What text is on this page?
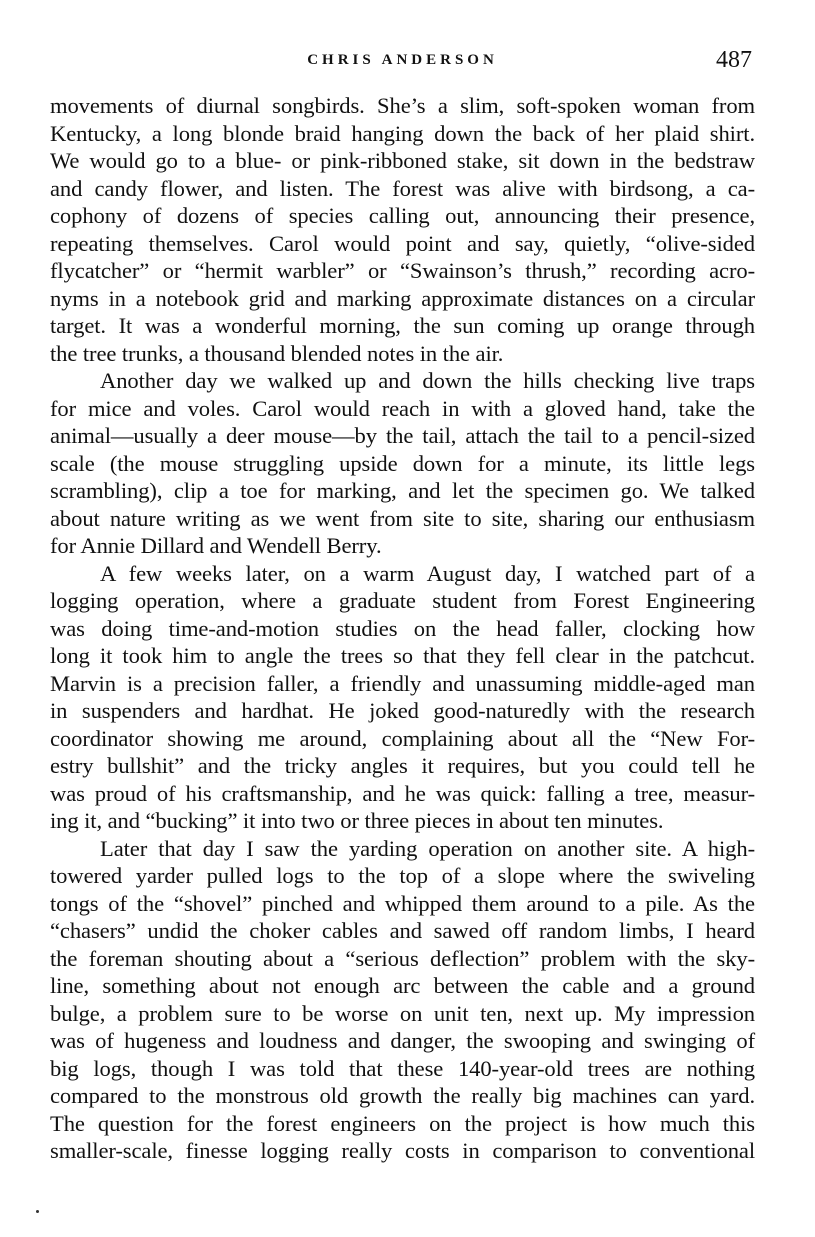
CHRIS ANDERSON	487
movements of diurnal songbirds. She’s a slim, soft-spoken woman from
Kentucky, a long blonde braid hanging down the back of her plaid shirt.
We would go to a blue- or pink-ribboned stake, sit down in the bedstraw
and candy flower, and listen. The forest was alive with birdsong, a ca-
cophony of dozens of species calling out, announcing their presence,
repeating themselves. Carol would point and say, quietly, “olive-sided
flycatcher” or “hermit warbler” or “Swainson’s thrush,” recording acro-
nyms in a notebook grid and marking approximate distances on a circular
target. It was a wonderful morning, the sun coming up orange through
the tree trunks, a thousand blended notes in the air.
Another day we walked up and down the hills checking live traps
for mice and voles. Carol would reach in with a gloved hand, take the
animal—usually a deer mouse—by the tail, attach the tail to a pencil-sized
scale (the mouse struggling upside down for a minute, its little legs
scrambling), clip a toe for marking, and let the specimen go. We talked
about nature writing as we went from site to site, sharing our enthusiasm
for Annie Dillard and Wendell Berry.
A few weeks later, on a warm August day, I watched part of a
logging operation, where a graduate student from Forest Engineering
was doing time-and-motion studies on the head faller, clocking how
long it took him to angle the trees so that they fell clear in the patchcut.
Marvin is a precision faller, a friendly and unassuming middle-aged man
in suspenders and hardhat. He joked good-naturedly with the research
coordinator showing me around, complaining about all the “New For-
estry bullshit” and the tricky angles it requires, but you could tell he
was proud of his craftsmanship, and he was quick: falling a tree, measur-
ing it, and “bucking” it into two or three pieces in about ten minutes.
Later that day I saw the yarding operation on another site. A high-
towered yarder pulled logs to the top of a slope where the swiveling
tongs of the “shovel” pinched and whipped them around to a pile. As the
“chasers” undid the choker cables and sawed off random limbs, I heard
the foreman shouting about a “serious deflection” problem with the sky-
line, something about not enough arc between the cable and a ground
bulge, a problem sure to be worse on unit ten, next up. My impression
was of hugeness and loudness and danger, the swooping and swinging of
big logs, though I was told that these 140-year-old trees are nothing
compared to the monstrous old growth the really big machines can yard.
The question for the forest engineers on the project is how much this
smaller-scale, finesse logging really costs in comparison to conventional
